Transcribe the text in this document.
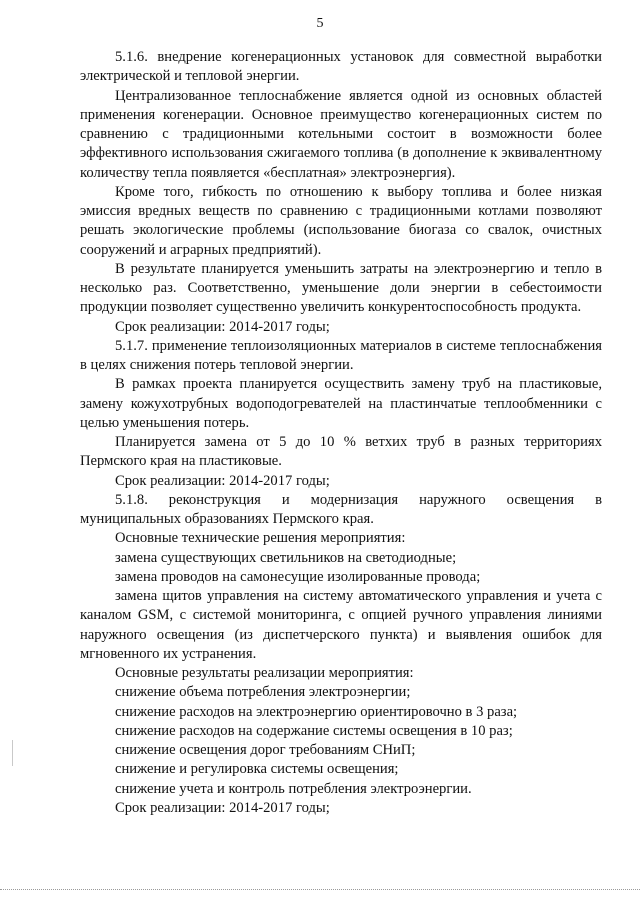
5

5.1.6. внедрение когенерационных установок для совместной выработки электрической и тепловой энергии.

Централизованное теплоснабжение является одной из основных областей применения когенерации. Основное преимущество когенерационных систем по сравнению с традиционными котельными состоит в возможности более эффективного использования сжигаемого топлива (в дополнение к эквивалентному количеству тепла появляется «бесплатная» электроэнергия).

Кроме того, гибкость по отношению к выбору топлива и более низкая эмиссия вредных веществ по сравнению с традиционными котлами позволяют решать экологические проблемы (использование биогаза со свалок, очистных сооружений и аграрных предприятий).

В результате планируется уменьшить затраты на электроэнергию и тепло в несколько раз. Соответственно, уменьшение доли энергии в себестоимости продукции позволяет существенно увеличить конкурентоспособность продукта.

Срок реализации: 2014-2017 годы;

5.1.7. применение теплоизоляционных материалов в системе теплоснабжения в целях снижения потерь тепловой энергии.

В рамках проекта планируется осуществить замену труб на пластиковые, замену кожухотрубных водоподогревателей на пластинчатые теплообменники с целью уменьшения потерь.

Планируется замена от 5 до 10 % ветхих труб в разных территориях Пермского края на пластиковые.

Срок реализации: 2014-2017 годы;

5.1.8. реконструкция и модернизация наружного освещения в муниципальных образованиях Пермского края.

Основные технические решения мероприятия:

замена существующих светильников на светодиодные;

замена проводов на самонесущие изолированные провода;

замена щитов управления на систему автоматического управления и учета с каналом GSM, с системой мониторинга, с опцией ручного управления линиями наружного освещения (из диспетчерского пункта) и выявления ошибок для мгновенного их устранения.

Основные результаты реализации мероприятия:

снижение объема потребления электроэнергии;

снижение расходов на электроэнергию ориентировочно в 3 раза;

снижение расходов на содержание системы освещения в 10 раз;

снижение освещения дорог требованиям СНиП;

снижение и регулировка системы освещения;

снижение учета и контроль потребления электроэнергии.

Срок реализации: 2014-2017 годы;
